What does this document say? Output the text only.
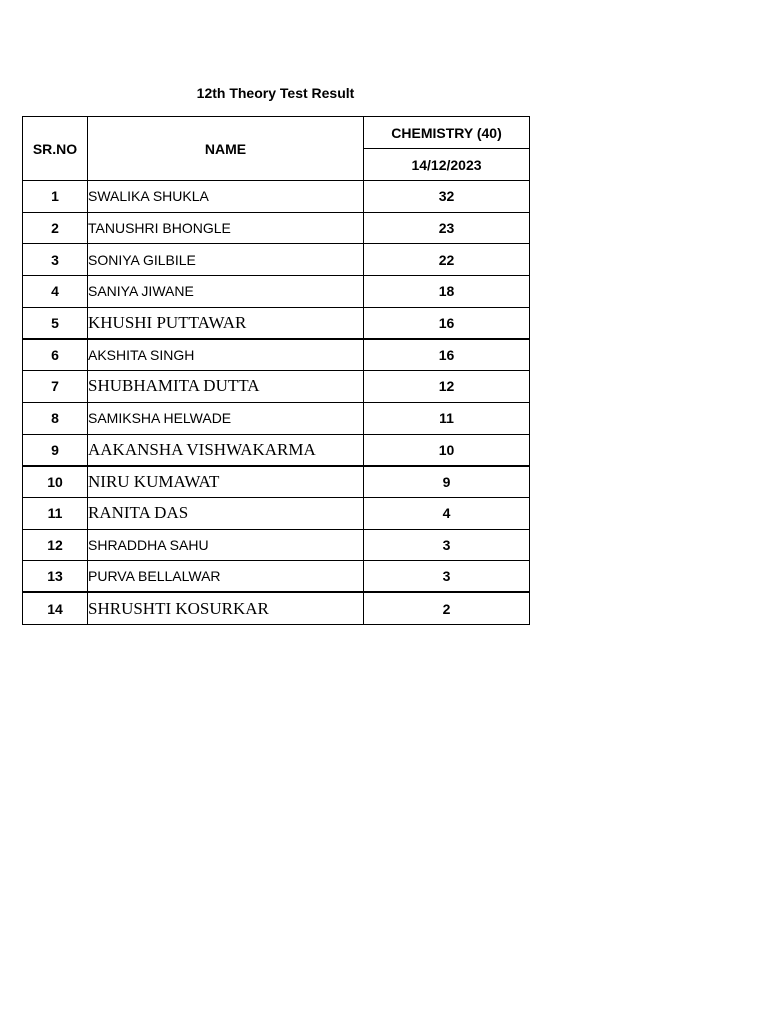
12th Theory Test Result
SR.NO	NAME	CHEMISTRY (40)
		14/12/2023
1	SWALIKA SHUKLA	32
2	TANUSHRI BHONGLE	23
3	SONIYA GILBILE	22
4	SANIYA JIWANE	18
5	KHUSHI PUTTAWAR	16
6	AKSHITA SINGH	16
7	SHUBHAMITA DUTTA	12
8	SAMIKSHA HELWADE	11
9	AAKANSHA VISHWAKARMA	10
10	NIRU KUMAWAT	9
11	RANITA DAS	4
12	SHRADDHA SAHU	3
13	PURVA BELLALWAR	3
14	SHRUSHTI KOSURKAR	2
